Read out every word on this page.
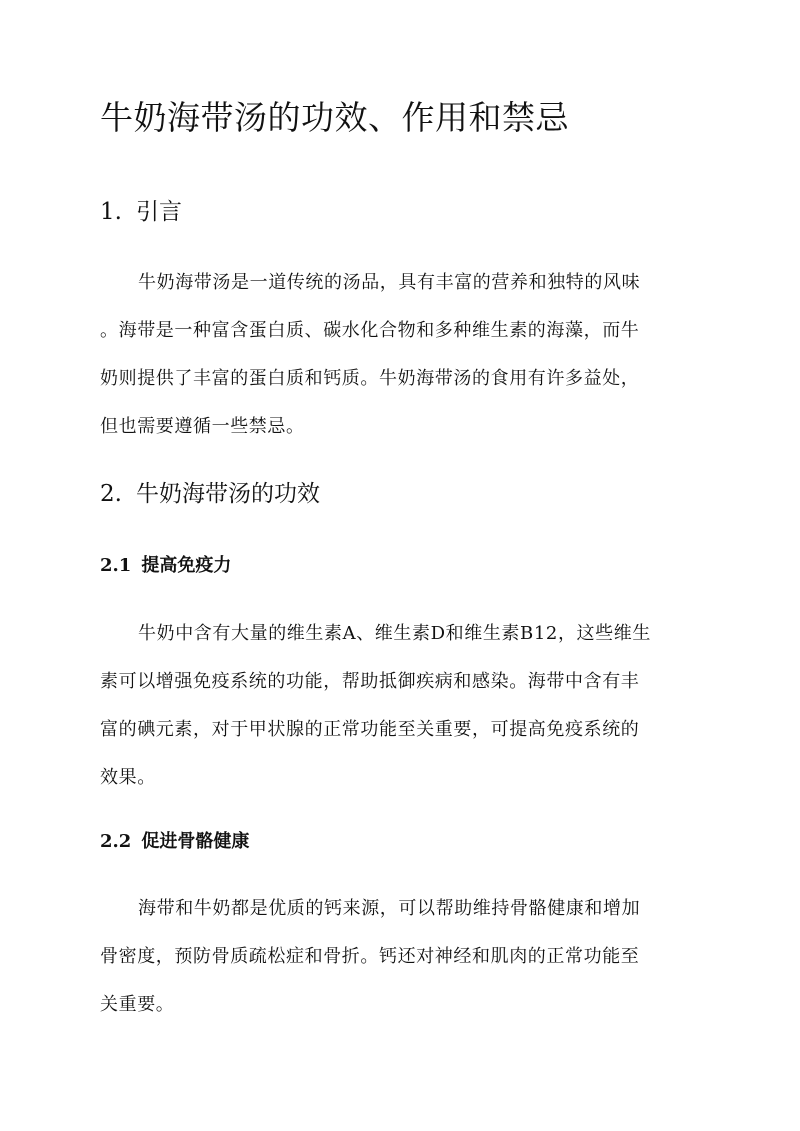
牛奶海带汤的功效、作用和禁忌
1. 引言
牛奶海带汤是一道传统的汤品，具有丰富的营养和独特的风味
。海带是一种富含蛋白质、碳水化合物和多种维生素的海藻，而牛
奶则提供了丰富的蛋白质和钙质。牛奶海带汤的食用有许多益处，
但也需要遵循一些禁忌。
2. 牛奶海带汤的功效
2.1 提高免疫力
牛奶中含有大量的维生素A、维生素D和维生素B12，这些维生
素可以增强免疫系统的功能，帮助抵御疾病和感染。海带中含有丰
富的碘元素，对于甲状腺的正常功能至关重要，可提高免疫系统的
效果。
2.2 促进骨骼健康
海带和牛奶都是优质的钙来源，可以帮助维持骨骼健康和增加
骨密度，预防骨质疏松症和骨折。钙还对神经和肌肉的正常功能至
关重要。
